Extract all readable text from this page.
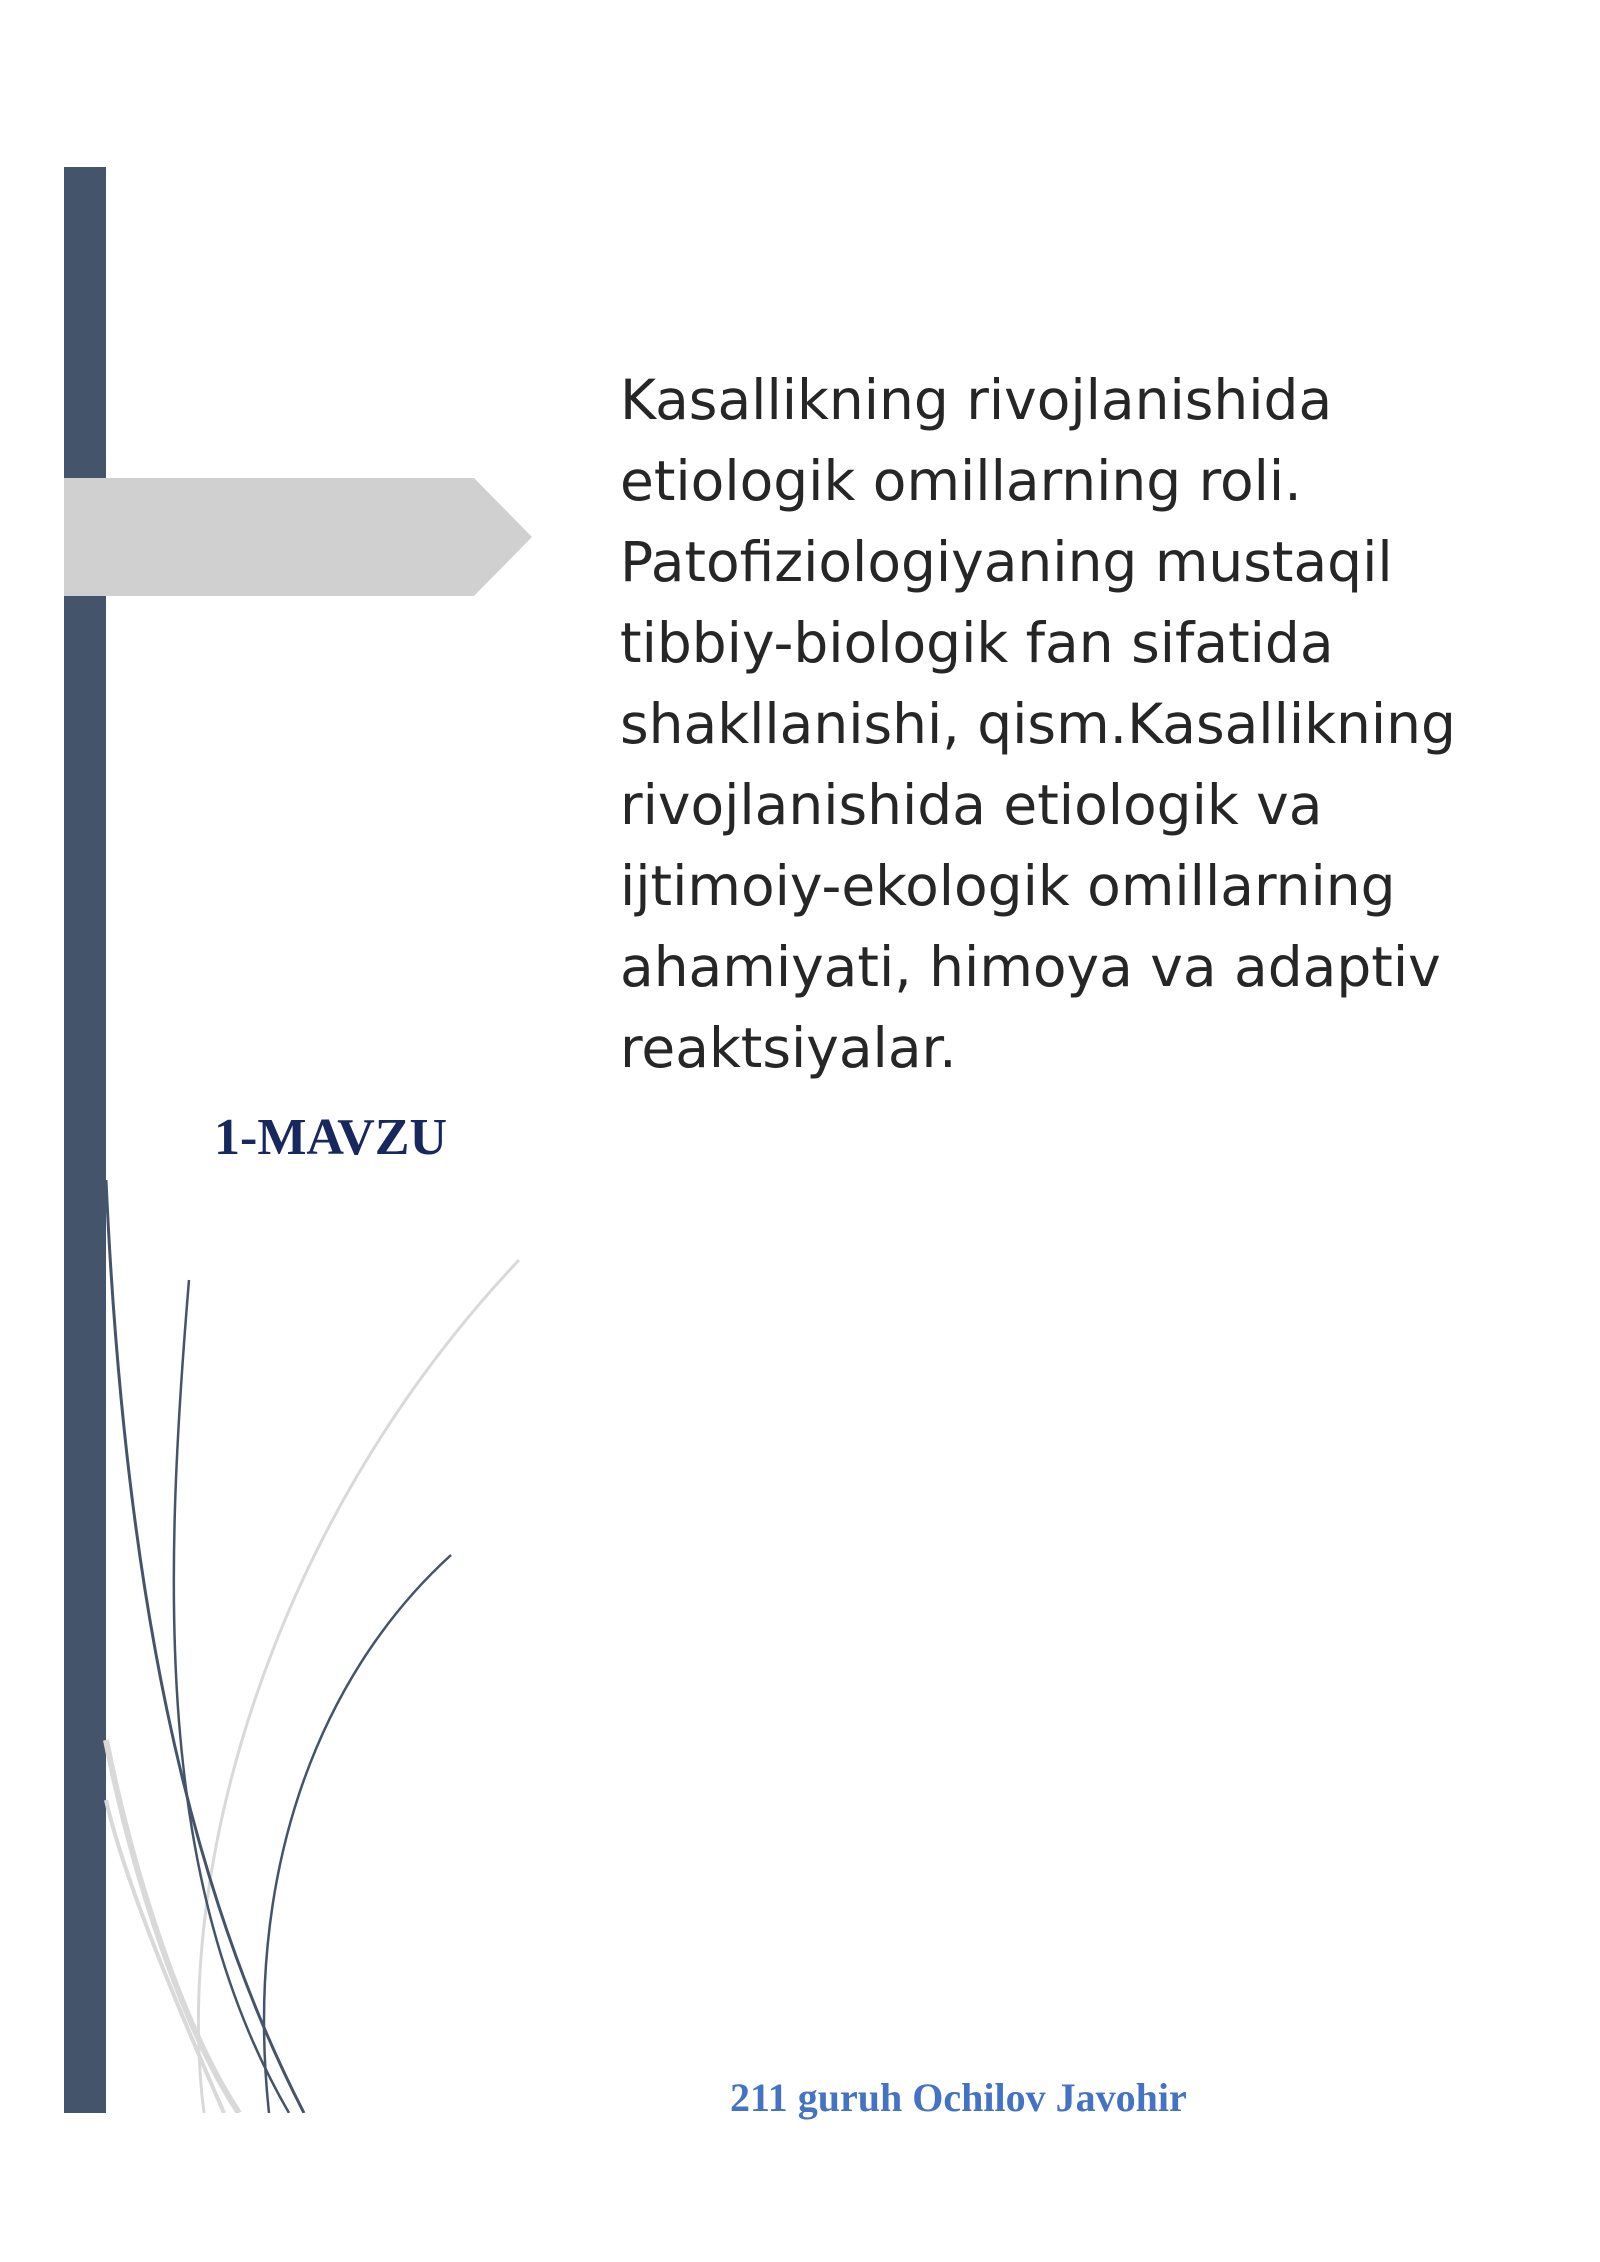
Kasallikning rivojlanishida etiologik omillarning roli. Patofiziologiyaning mustaqil tibbiy-biologik fan sifatida shakllanishi, qism.Kasallikning rivojlanishida etiologik va ijtimoiy-ekologik omillarning ahamiyati, himoya va adaptiv reaktsiyalar.

1-MAVZU

211 guruh Ochilov Javohir
